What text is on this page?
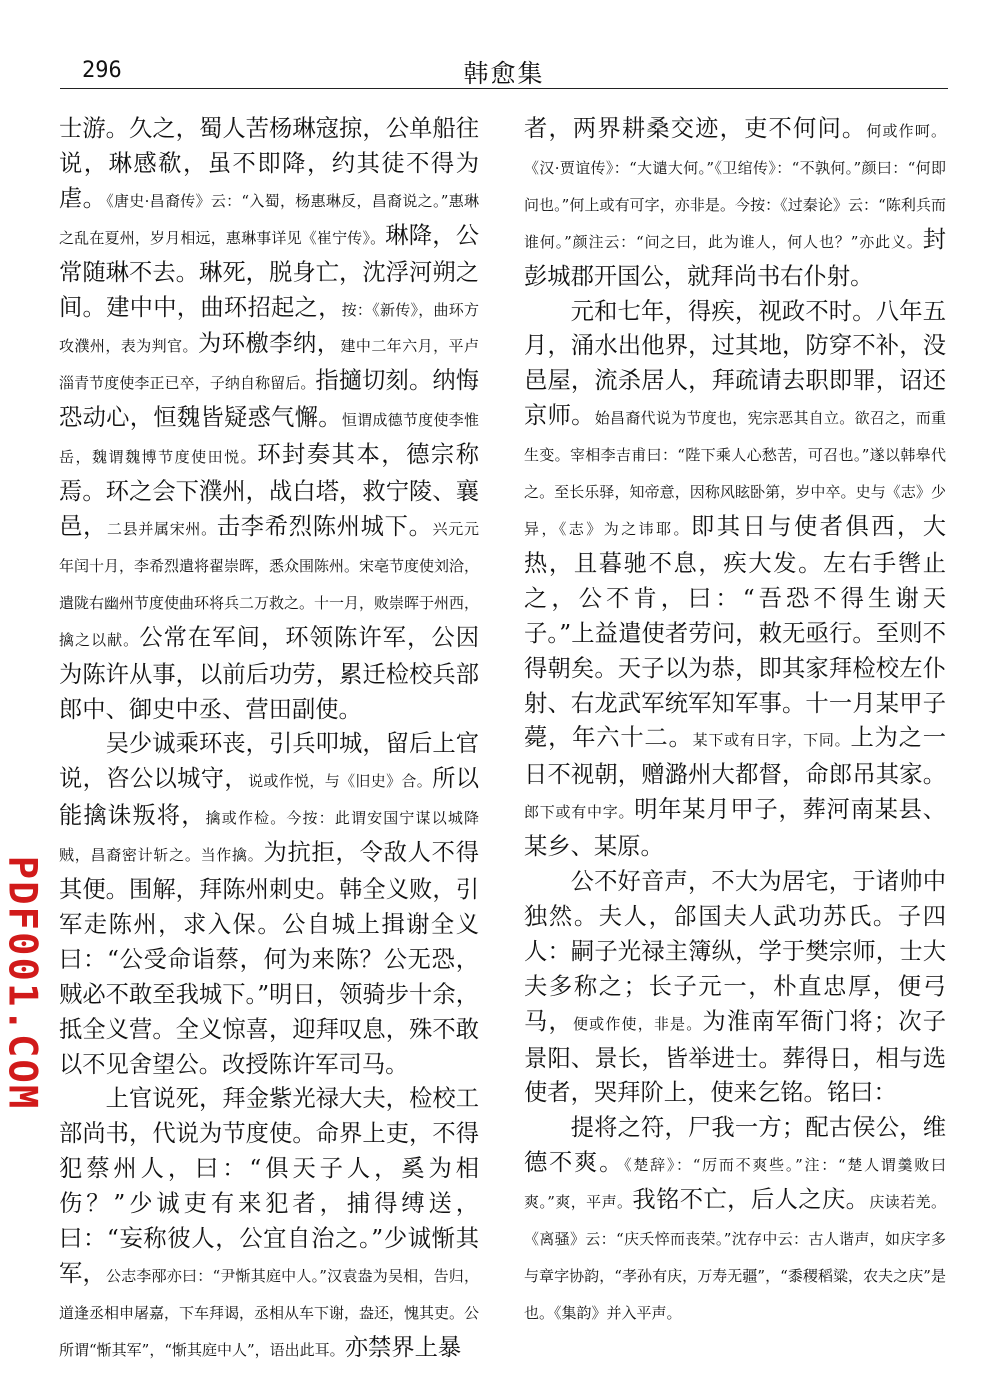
296	韩愈集

士游。久之，蜀人苦杨琳寇掠，公单船往说，琳感欷，虽不即降，约其徒不得为虐。《唐史·昌裔传》云：“入蜀，杨惠琳反，昌裔说之。”惠琳之乱在夏州，岁月相远，惠琳事详见《崔宁传》。琳降，公常随琳不去。琳死，脱身亡，沈浮河朔之间。建中中，曲环招起之，按：《新传》，曲环方攻濮州，表为判官。为环檄李纳，建中二年六月，平卢淄青节度使李正已卒，子纳自称留后。指擿切刻。纳悔恐动心，恒魏皆疑惑气懈。恒谓成德节度使李惟岳，魏谓魏博节度使田悦。环封奏其本，德宗称焉。环之会下濮州，战白塔，救宁陵、襄邑，二县并属宋州。击李希烈陈州城下。兴元元年闰十月，李希烈遣将翟崇晖，悉众围陈州。宋亳节度使刘洽，遣陇右幽州节度使曲环将兵二万救之。十一月，败崇晖于州西，擒之以献。公常在军间，环领陈许军，公因为陈许从事，以前后功劳，累迁检校兵部郎中、御史中丞、营田副使。

吴少诚乘环丧，引兵叩城，留后上官说，咨公以城守，说或作悦，与《旧史》合。所以能擒诛叛将，擒或作检。今按：此谓安国宁谋以城降贼，昌裔密计斩之。当作擒。为抗拒，令敌人不得其便。围解，拜陈州刺史。韩全义败，引军走陈州，求入保。公自城上揖谢全义曰：“公受命诣蔡，何为来陈？公无恐，贼必不敢至我城下。”明日，领骑步十余，抵全义营。全义惊喜，迎拜叹息，殊不敢以不见舍望公。改授陈许军司马。

上官说死，拜金紫光禄大夫，检校工部尚书，代说为节度使。命界上吏，不得犯蔡州人，曰：“俱天子人，奚为相伤？”少诚吏有来犯者，捕得缚送，曰：“妄称彼人，公宜自治之。”少诚惭其军，公志李邴亦曰：“尹惭其庭中人。”汉袁盎为吴相，告归，道逢丞相申屠嘉，下车拜谒，丞相从车下谢，盎还，愧其吏。公所谓“惭其军”，“惭其庭中人”，语出此耳。亦禁界上暴

者，两界耕桑交迹，吏不何问。何或作呵。《汉·贾谊传》：“大谴大何。”《卫绾传》：“不孰何。”颜曰：“何即问也。”何上或有可字，亦非是。今按：《过秦论》云：“陈利兵而谁何。”颜注云：“问之曰，此为谁人，何人也？”亦此义。封彭城郡开国公，就拜尚书右仆射。

元和七年，得疾，视政不时。八年五月，涌水出他界，过其地，防穿不补，没邑屋，流杀居人，拜疏请去职即罪，诏还京师。始昌裔代说为节度也，宪宗恶其自立。欲召之，而重生变。宰相李吉甫曰：“陛下乘人心愁苦，可召也。”遂以韩皋代之。至长乐驿，知帝意，因称风眩卧第，岁中卒。史与《志》少异，《志》为之讳耶。即其日与使者俱西，大热，且暮驰不息，疾大发。左右手辔止之，公不肯，曰：“吾恐不得生谢天子。”上益遣使者劳问，敕无亟行。至则不得朝矣。天子以为恭，即其家拜检校左仆射、右龙武军统军知军事。十一月某甲子薨，年六十二。某下或有日字，下同。上为之一日不视朝，赠潞州大都督，命郎吊其家。郎下或有中字。明年某月甲子，葬河南某县、某乡、某原。

公不好音声，不大为居宅，于诸帅中独然。夫人，郃国夫人武功苏氏。子四人：嗣子光禄主簿纵，学于樊宗师，士大夫多称之；长子元一，朴直忠厚，便弓马，便或作使，非是。为淮南军衙门将；次子景阳、景长，皆举进士。葬得日，相与选使者，哭拜阶上，使来乞铭。铭曰：

提将之符，尸我一方；配古侯公，维德不爽。《楚辞》：“厉而不爽些。”注：“楚人谓羹败曰爽。”爽，平声。我铭不亡，后人之庆。庆读若羌。《离骚》云：“庆夭悴而丧荣。”沈存中云：古人谐声，如庆字多与章字协韵，“孝孙有庆，万寿无疆”，“黍稷稻粱，农夫之庆”是也。《集韵》并入平声。

PDF001.COM
